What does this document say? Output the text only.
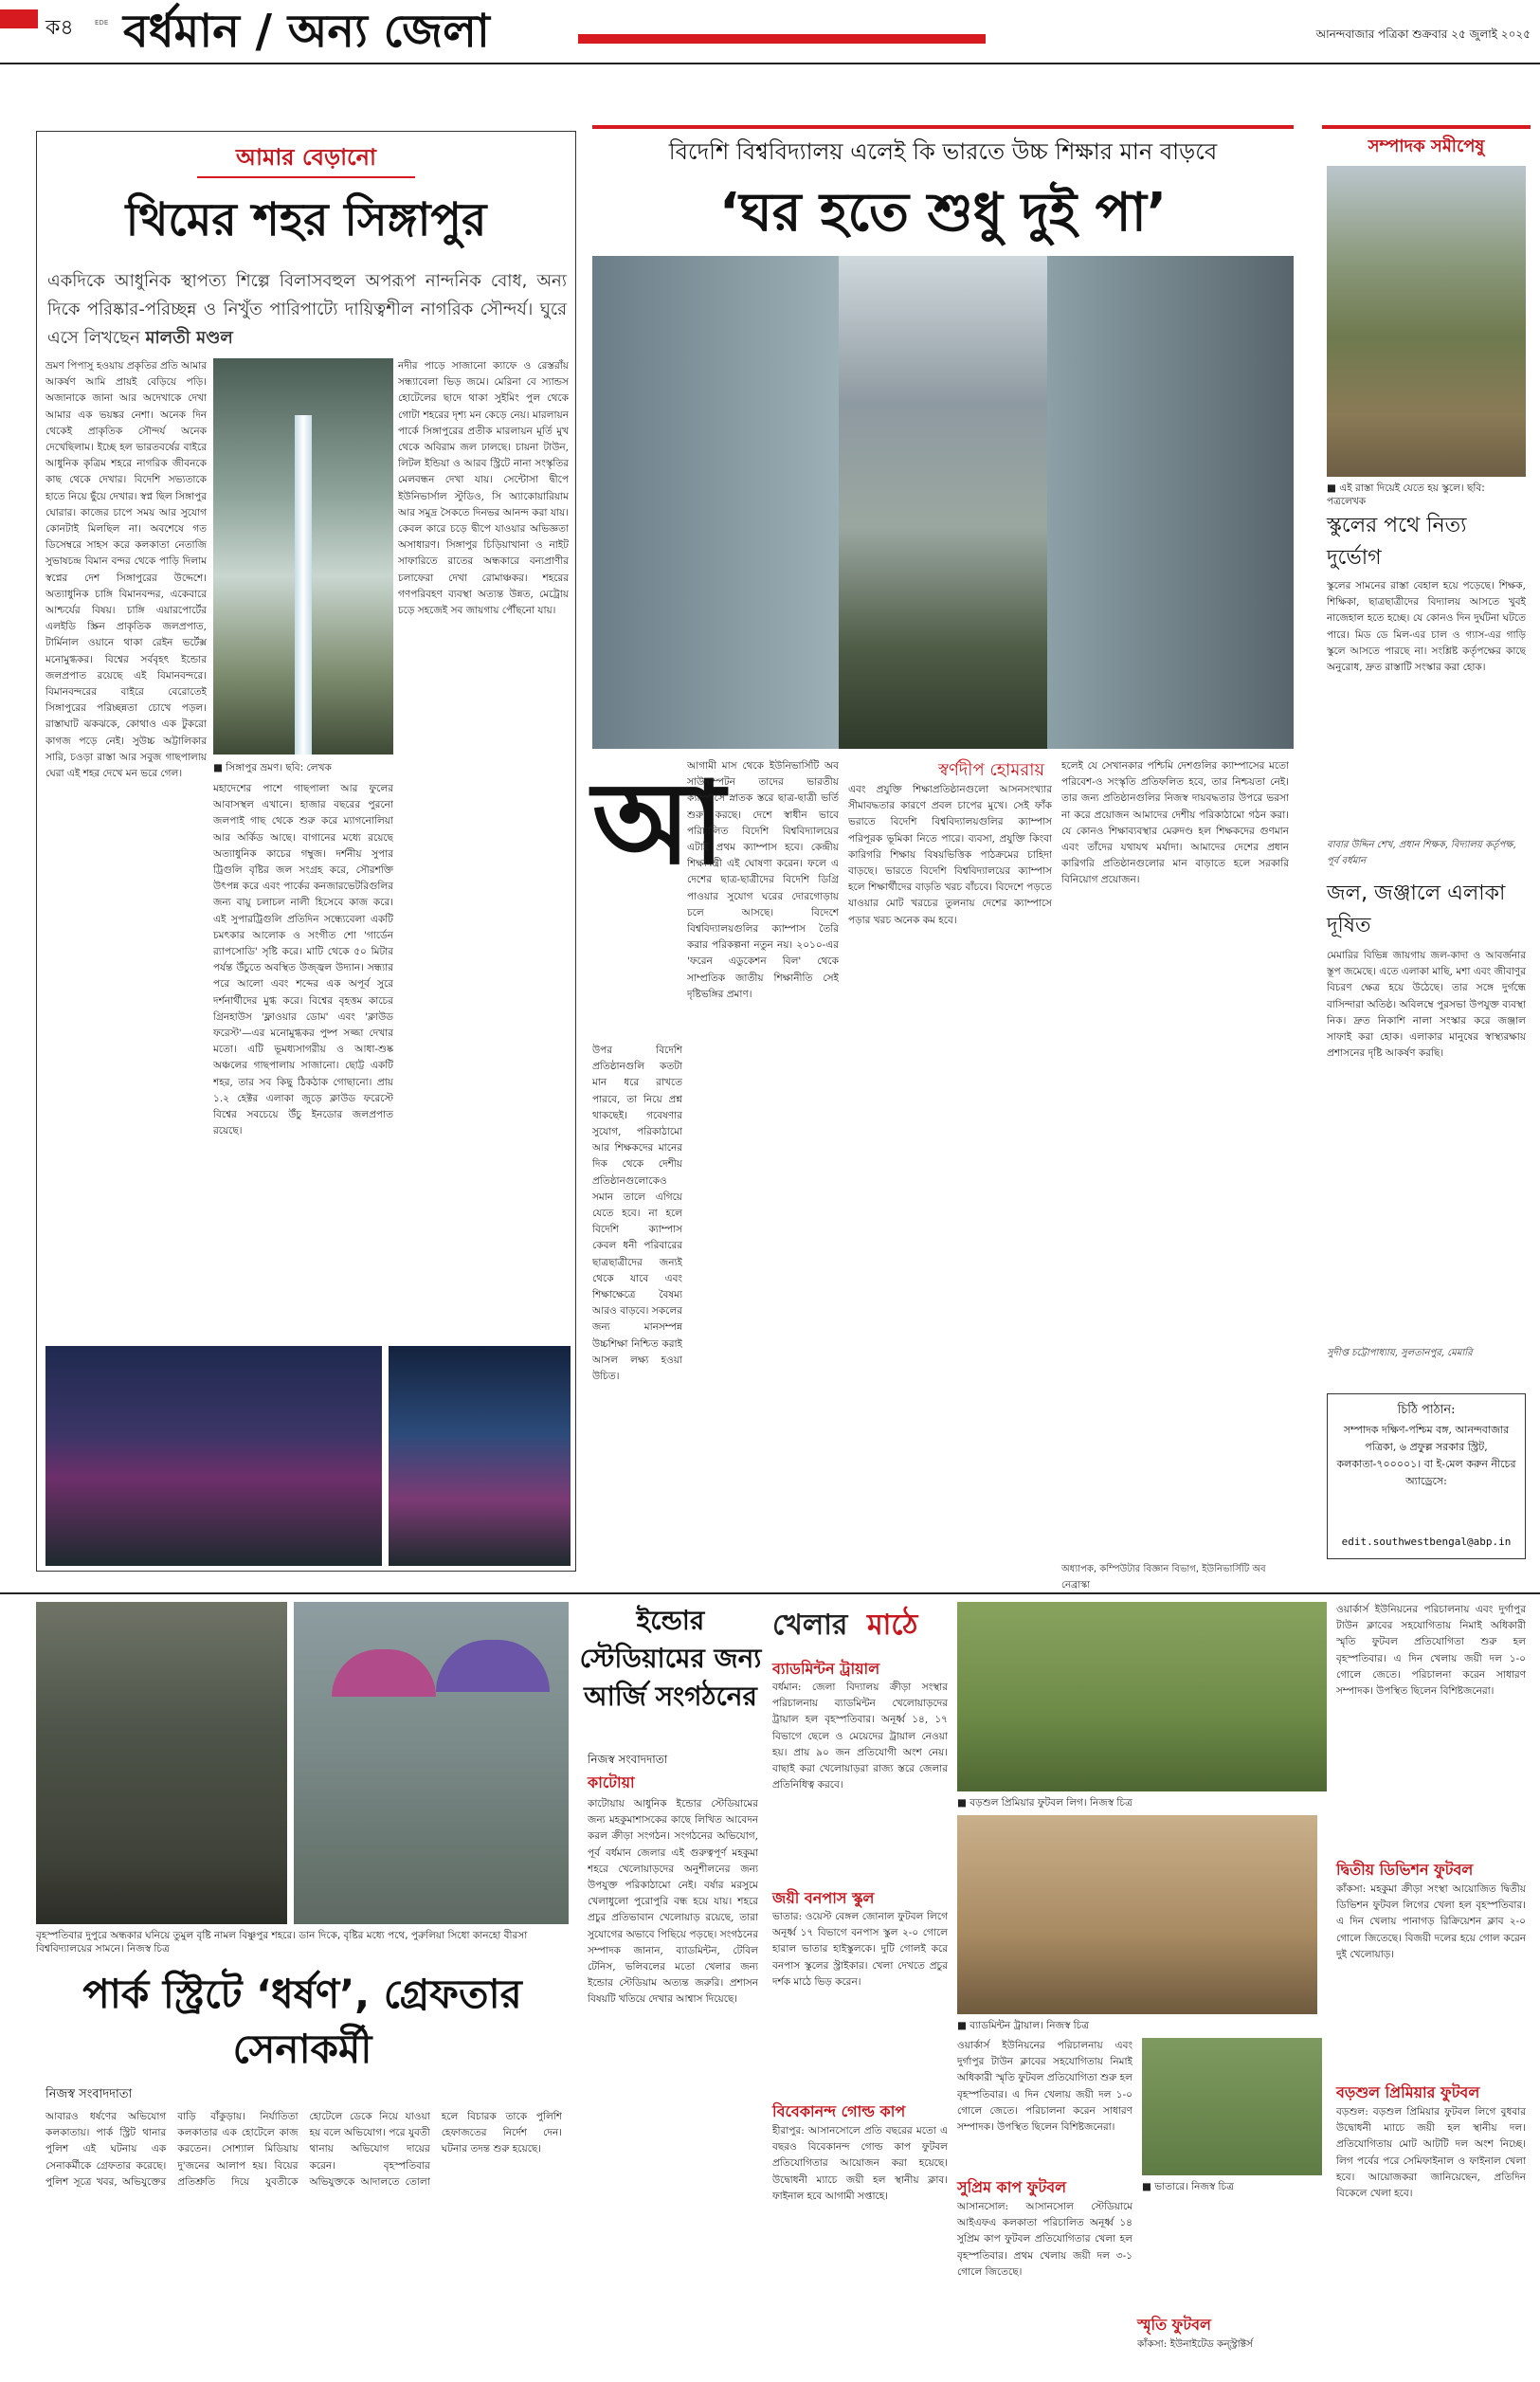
ক৪	EDE বর্ধমান / অন্য জেলা	আনন্দবাজার পত্রিকা শুক্রবার ২৫ জুলাই ২০২৫
আমার বেড়ানো
থিমের শহর সিঙ্গাপুর
একদিকে আধুনিক স্থাপত্য শিল্পে বিলাসবহুল অপরূপ নান্দনিক বোধ, অন্য দিকে পরিষ্কার-পরিচ্ছন্ন ও নিখুঁত পারিপাট্যে দায়িত্বশীল নাগরিক সৌন্দর্য। ঘুরে এসে লিখছেন মালতী মণ্ডল
■ সিঙ্গাপুর ভ্রমণ। ছবি: লেখক
ভ্রমণ পিপাসু হওয়ায় প্রকৃতির প্রতি আমার আকর্ষণ আমি প্রায়ই বেড়িয়ে পড়ি। অজানাকে জানা আর অদেখাকে দেখা আমার এক ভয়ঙ্কর নেশা। অনেক দিন থেকেই প্রাকৃতিক সৌন্দর্য অনেক দেখেছিলাম। ইচ্ছে হল ভারতবর্ষের বাইরে আধুনিক কৃত্রিম শহরে নাগরিক জীবনকে কাছ থেকে দেখার। বিদেশি সভ্যতাকে হাতে নিয়ে ছুঁয়ে দেখার। স্বপ্ন ছিল সিঙ্গাপুর ঘোরার। কাজের চাপে সময় আর সুযোগ কোনটাই মিলছিল না। অবশেষে গত ডিসেম্বরে সাহস করে কলকাতা নেতাজি সুভাষচন্দ্র বিমান বন্দর থেকে পাড়ি দিলাম স্বপ্নের দেশ সিঙ্গাপুরের উদ্দেশে। অত্যাধুনিক চাঙ্গি বিমানবন্দর, একেবারে আশ্চর্যের বিষয়। চাঙ্গি এয়ারপোর্টের এলইডি স্ক্রিন প্রাকৃতিক জলপ্রপাত, টার্মিনাল ওয়ানে থাকা রেইন ভর্টেক্স মনোমুগ্ধকর। বিশ্বের সর্ববৃহৎ ইন্ডোর জলপ্রপাত রয়েছে এই বিমানবন্দরে। বিমানবন্দরের বাইরে বেরোতেই সিঙ্গাপুরের পরিচ্ছন্নতা চোখে পড়ল। রাস্তাঘাট ঝকঝকে, কোথাও এক টুকরো কাগজ পড়ে নেই। সুউচ্চ অট্টালিকার সারি, চওড়া রাস্তা আর সবুজ গাছপালায় ঘেরা এই শহর দেখে মন ভরে গেল।
মহাদেশের পাশে গাছপালা আর ফুলের আবাসস্থল এখানে। হাজার বছরের পুরনো জলপাই গাছ থেকে শুরু করে ম্যাগনোলিয়া আর অর্কিড আছে। বাগানের মধ্যে রয়েছে অত্যাধুনিক কাচের গম্বুজ। দর্শনীয় সুপার ট্রিগুলি বৃষ্টির জল সংগ্রহ করে, সৌরশক্তি উৎপন্ন করে এবং পার্কের কনজারভেটরিগুলির জন্য বায়ু চলাচল নালী হিসেবে কাজ করে। এই সুপারট্রিগুলি প্রতিদিন সন্ধ্যেবেলা একটি চমৎকার আলোক ও সংগীত শো 'গার্ডেন র‌্যাপসোডি' সৃষ্টি করে। মাটি থেকে ৫০ মিটার পর্যন্ত উঁচুতে অবস্থিত উজ্জ্বল উদ্যান। সন্ধ্যার পরে আলো এবং শব্দের এক অপূর্ব সুরে দর্শনার্থীদের মুগ্ধ করে। বিশ্বের বৃহত্তম কাচের গ্রিনহাউস 'ফ্লাওয়ার ডোম' এবং 'ক্লাউড ফরেস্ট'—এর মনোমুগ্ধকর পুষ্প সজ্জা দেখার মতো। এটি ভূমধ্যসাগরীয় ও আধা-শুষ্ক অঞ্চলের গাছপালায় সাজানো। ছোট্ট একটি শহর, তার সব কিছু ঠিকঠাক গোছানো। প্রায় ১.২ হেক্টর এলাকা জুড়ে ক্লাউড ফরেস্টে বিশ্বের সবচেয়ে উঁচু ইনডোর জলপ্রপাত রয়েছে।
নদীর পাড়ে সাজানো ক্যাফে ও রেস্তরাঁয় সন্ধ্যাবেলা ভিড় জমে। মেরিনা বে স্যান্ডস হোটেলের ছাদে থাকা সুইমিং পুল থেকে গোটা শহরের দৃশ্য মন কেড়ে নেয়। মারলায়ন পার্কে সিঙ্গাপুরের প্রতীক মারলায়ন মূর্তি মুখ থেকে অবিরাম জল ঢালছে। চায়না টাউন, লিটল ইন্ডিয়া ও আরব স্ট্রিটে নানা সংস্কৃতির মেলবন্ধন দেখা যায়। সেন্টোসা দ্বীপে ইউনিভার্সাল স্টুডিও, সি অ্যাকোয়ারিয়াম আর সমুদ্র সৈকতে দিনভর আনন্দ করা যায়। কেবল কারে চড়ে দ্বীপে যাওয়ার অভিজ্ঞতা অসাধারণ। সিঙ্গাপুর চিড়িয়াখানা ও নাইট সাফারিতে রাতের অন্ধকারে বন্যপ্রাণীর চলাফেরা দেখা রোমাঞ্চকর। শহরের গণপরিবহণ ব্যবস্থা অত্যন্ত উন্নত, মেট্রোয় চড়ে সহজেই সব জায়গায় পৌঁছনো যায়।
বিদেশি বিশ্ববিদ্যালয় এলেই কি ভারতে উচ্চ শিক্ষার মান বাড়বে
‘ঘর হতে শুধু দুই পা’
স্বর্ণদীপ হোমরায়
আ
আগামী মাস থেকে ইউনিভার্সিটি অব সাউদাম্পটন তাদের ভারতীয় ক্যাম্পাসে স্নাতক স্তরে ছাত্র-ছাত্রী ভর্তি শুরু করছে। দেশে স্বাধীন ভাবে পরিচালিত বিদেশি বিশ্ববিদ্যালয়ের এটাই প্রথম ক্যাম্পাস হবে। কেন্দ্রীয় শিক্ষামন্ত্রী এই ঘোষণা করেন। ফলে এ দেশের ছাত্র-ছাত্রীদের বিদেশি ডিগ্রি পাওয়ার সুযোগ ঘরের দোরগোড়ায় চলে আসছে। বিদেশে বিশ্ববিদ্যালয়গুলির ক্যাম্পাস তৈরি করার পরিকল্পনা নতুন নয়। ২০১০-এর 'ফরেন এডুকেশন বিল' থেকে সাম্প্রতিক জাতীয় শিক্ষানীতি সেই দৃষ্টিভঙ্গির প্রমাণ।
এবং প্রযুক্তি শিক্ষাপ্রতিষ্ঠানগুলো আসনসংখ্যার সীমাবদ্ধতার কারণে প্রবল চাপের মুখে। সেই ফাঁক ভরাতে বিদেশি বিশ্ববিদ্যালয়গুলির ক্যাম্পাস পরিপূরক ভূমিকা নিতে পারে। ব্যবসা, প্রযুক্তি কিংবা কারিগরি শিক্ষায় বিষয়ভিত্তিক পাঠক্রমের চাহিদা বাড়ছে। ভারতে বিদেশি বিশ্ববিদ্যালয়ের ক্যাম্পাস হলে শিক্ষার্থীদের বাড়তি খরচ বাঁচবে। বিদেশে পড়তে যাওয়ার মোট খরচের তুলনায় দেশের ক্যাম্পাসে পড়ার খরচ অনেক কম হবে।
হলেই যে সেখানকার পশ্চিমি দেশগুলির ক্যাম্পাসের মতো পরিবেশ-ও সংস্কৃতি প্রতিফলিত হবে, তার নিশ্চয়তা নেই। তার জন্য প্রতিষ্ঠানগুলির নিজস্ব দায়বদ্ধতার উপরে ভরসা না করে প্রয়োজন আমাদের দেশীয় পরিকাঠামো গঠন করা। যে কোনও শিক্ষাব্যবস্থার মেরুদণ্ড হল শিক্ষকদের গুণমান এবং তাঁদের যথাযথ মর্যাদা। আমাদের দেশের প্রধান কারিগরি প্রতিষ্ঠানগুলোর মান বাড়াতে হলে সরকারি বিনিয়োগ প্রয়োজন।
অধ্যাপক, কম্পিউটার বিজ্ঞান বিভাগ, ইউনিভার্সিটি অব নেব্রাস্কা
উপর বিদেশি প্রতিষ্ঠানগুলি কতটা মান ধরে রাখতে পারবে, তা নিয়ে প্রশ্ন থাকছেই। গবেষণার সুযোগ, পরিকাঠামো আর শিক্ষকদের মানের দিক থেকে দেশীয় প্রতিষ্ঠানগুলোকেও সমান তালে এগিয়ে যেতে হবে। না হলে বিদেশি ক্যাম্পাস কেবল ধনী পরিবারের ছাত্রছাত্রীদের জন্যই থেকে যাবে এবং শিক্ষাক্ষেত্রে বৈষম্য আরও বাড়বে। সকলের জন্য মানসম্পন্ন উচ্চশিক্ষা নিশ্চিত করাই আসল লক্ষ্য হওয়া উচিত।
সম্পাদক সমীপেষু
■ এই রাস্তা দিয়েই যেতে হয় স্কুলে। ছবি: পত্রলেখক
স্কুলের পথে নিত্য দুর্ভোগ
স্কুলের সামনের রাস্তা বেহাল হয়ে পড়েছে। শিক্ষক, শিক্ষিকা, ছাত্রছাত্রীদের বিদ্যালয় আসতে খুবই নাজেহাল হতে হচ্ছে। যে কোনও দিন দুর্ঘটনা ঘটতে পারে। মিড ডে মিল-এর চাল ও গ্যাস-এর গাড়ি স্কুলে আসতে পারছে না। সংশ্লিষ্ট কর্তৃপক্ষের কাছে অনুরোধ, দ্রুত রাস্তাটি সংস্কার করা হোক।
বাবার উদ্দিন শেখ, প্রধান শিক্ষক, বিদ্যালয় কর্তৃপক্ষ, পূর্ব বর্ধমান
জল, জঞ্জালে এলাকা দূষিত
মেমারির বিভিন্ন জায়গায় জল-কাদা ও আবর্জনার স্তূপ জমেছে। এতে এলাকা মাছি, মশা এবং জীবাণুর বিচরণ ক্ষেত্র হয়ে উঠেছে। তার সঙ্গে দুর্গন্ধে বাসিন্দারা অতিষ্ঠ। অবিলম্বে পুরসভা উপযুক্ত ব্যবস্থা নিক। দ্রুত নিকাশি নালা সংস্কার করে জঞ্জাল সাফাই করা হোক। এলাকার মানুষের স্বাস্থ্যরক্ষায় প্রশাসনের দৃষ্টি আকর্ষণ করছি।
সুদীপ্ত চট্টোপাধ্যায়, সুলতানপুর, মেমারি
চিঠি পাঠান:
সম্পাদক দক্ষিণ-পশ্চিম বঙ্গ, আনন্দবাজার পত্রিকা, ৬ প্রফুল্ল সরকার স্ট্রিট, কলকাতা-৭০০০০১। বা ই-মেল করুন নীচের অ্যাড্রেসে:
edit.southwestbengal@abp.in
বৃহস্পতিবার দুপুরে অন্ধকার ঘনিয়ে তুমুল বৃষ্টি নামল বিষ্ণুপুর শহরে। ডান দিকে, বৃষ্টির মধ্যে পথে, পুরুলিয়া সিধো কানহো বীরসা বিশ্ববিদ্যালয়ের সামনে। নিজস্ব চিত্র
পার্ক স্ট্রিটে ‘ধর্ষণ’, গ্রেফতার সেনাকর্মী
নিজস্ব সংবাদদাতা
আবারও ধর্ষণের অভিযোগ কলকাতায়। পার্ক স্ট্রিট থানার পুলিশ এই ঘটনায় এক সেনাকর্মীকে গ্রেফতার করেছে। পুলিশ সূত্রে খবর, অভিযুক্তের বাড়ি বাঁকুড়ায়। নির্যাতিতা কলকাতার এক হোটেলে কাজ করতেন। সোশ্যাল মিডিয়ায় দু'জনের আলাপ হয়। বিয়ের প্রতিশ্রুতি দিয়ে যুবতীকে হোটেলে ডেকে নিয়ে যাওয়া হয় বলে অভিযোগ। পরে যুবতী থানায় অভিযোগ দায়ের করেন। বৃহস্পতিবার অভিযুক্তকে আদালতে তোলা হলে বিচারক তাকে পুলিশি হেফাজতের নির্দেশ দেন। ঘটনার তদন্ত শুরু হয়েছে।
ইন্ডোর স্টেডিয়ামের জন্য আর্জি সংগঠনের
নিজস্ব সংবাদদাতা
কাটোয়া
কাটোয়ায় আধুনিক ইন্ডোর স্টেডিয়ামের জন্য মহকুমাশাসকের কাছে লিখিত আবেদন করল ক্রীড়া সংগঠন। সংগঠনের অভিযোগ, পূর্ব বর্ধমান জেলার এই গুরুত্বপূর্ণ মহকুমা শহরে খেলোয়াড়দের অনুশীলনের জন্য উপযুক্ত পরিকাঠামো নেই। বর্ষার মরসুমে খেলাধুলো পুরোপুরি বন্ধ হয়ে যায়। শহরে প্রচুর প্রতিভাবান খেলোয়াড় রয়েছে, তারা সুযোগের অভাবে পিছিয়ে পড়ছে। সংগঠনের সম্পাদক জানান, ব্যাডমিন্টন, টেবিল টেনিস, ভলিবলের মতো খেলার জন্য ইন্ডোর স্টেডিয়াম অত্যন্ত জরুরি। প্রশাসন বিষয়টি খতিয়ে দেখার আশ্বাস দিয়েছে।
খেলার মাঠে
ব্যাডমিন্টন ট্রায়াল
বর্ধমান: জেলা বিদ্যালয় ক্রীড়া সংস্থার পরিচালনায় ব্যাডমিন্টন খেলোয়াড়দের ট্রায়াল হল বৃহস্পতিবার। অনূর্ধ্ব ১৪, ১৭ বিভাগে ছেলে ও মেয়েদের ট্রায়াল নেওয়া হয়। প্রায় ৯০ জন প্রতিযোগী অংশ নেয়। বাছাই করা খেলোয়াড়রা রাজ্য স্তরে জেলার প্রতিনিধিত্ব করবে।
জয়ী বনপাস স্কুল
ভাতার: ওয়েস্ট বেঙ্গল জোনাল ফুটবল লিগে অনূর্ধ্ব ১৭ বিভাগে বনপাস স্কুল ২-০ গোলে হারাল ভাতার হাইস্কুলকে। দুটি গোলই করে বনপাস স্কুলের স্ট্রাইকার। খেলা দেখতে প্রচুর দর্শক মাঠে ভিড় করেন।
বিবেকানন্দ গোল্ড কাপ
হীরাপুর: আসানসোলে প্রতি বছরের মতো এ বছরও বিবেকানন্দ গোল্ড কাপ ফুটবল প্রতিযোগিতার আয়োজন করা হয়েছে। উদ্বোধনী ম্যাচে জয়ী হল স্থানীয় ক্লাব। ফাইনাল হবে আগামী সপ্তাহে।
■ বড়শুল প্রিমিয়ার ফুটবল লিগ। নিজস্ব চিত্র
■ ব্যাডমিন্টন ট্রায়াল। নিজস্ব চিত্র
ওয়ার্কার্স ইউনিয়নের পরিচালনায় এবং দুর্গাপুর টাউন ক্লাবের সহযোগিতায় নিমাই অধিকারী স্মৃতি ফুটবল প্রতিযোগিতা শুরু হল বৃহস্পতিবার। এ দিন খেলায় জয়ী দল ১-০ গোলে জেতে। পরিচালনা করেন সাধারণ সম্পাদক। উপস্থিত ছিলেন বিশিষ্টজনেরা।
সুপ্রিম কাপ ফুটবল
আসানসোল: আসানসোল স্টেডিয়ামে আইএফএ কলকাতা পরিচালিত অনূর্ধ্ব ১৪ সুপ্রিম কাপ ফুটবল প্রতিযোগিতার খেলা হল বৃহস্পতিবার। প্রথম খেলায় জয়ী দল ৩-১ গোলে জিতেছে।
স্মৃতি ফুটবল
কাঁকসা: ইউনাইটেড কন্স্ট্রাক্টর্স
■ ভাতারে। নিজস্ব চিত্র
ওয়ার্কার্স ইউনিয়নের পরিচালনায় এবং দুর্গাপুর টাউন ক্লাবের সহযোগিতায় নিমাই অধিকারী স্মৃতি ফুটবল প্রতিযোগিতা শুরু হল বৃহস্পতিবার। এ দিন খেলায় জয়ী দল ১-০ গোলে জেতে। পরিচালনা করেন সাধারণ সম্পাদক। উপস্থিত ছিলেন বিশিষ্টজনেরা।
দ্বিতীয় ডিভিশন ফুটবল
কাঁকসা: মহকুমা ক্রীড়া সংস্থা আয়োজিত দ্বিতীয় ডিভিশন ফুটবল লিগের খেলা হল বৃহস্পতিবার। এ দিন খেলায় পানাগড় রিক্রিয়েশন ক্লাব ২-০ গোলে জিতেছে। বিজয়ী দলের হয়ে গোল করেন দুই খেলোয়াড়।
বড়শুল প্রিমিয়ার ফুটবল
বড়শুল: বড়শুল প্রিমিয়ার ফুটবল লিগে বুধবার উদ্বোধনী ম্যাচে জয়ী হল স্থানীয় দল। প্রতিযোগিতায় মোট আটটি দল অংশ নিচ্ছে। লিগ পর্বের পরে সেমিফাইনাল ও ফাইনাল খেলা হবে। আয়োজকরা জানিয়েছেন, প্রতিদিন বিকেলে খেলা হবে।
